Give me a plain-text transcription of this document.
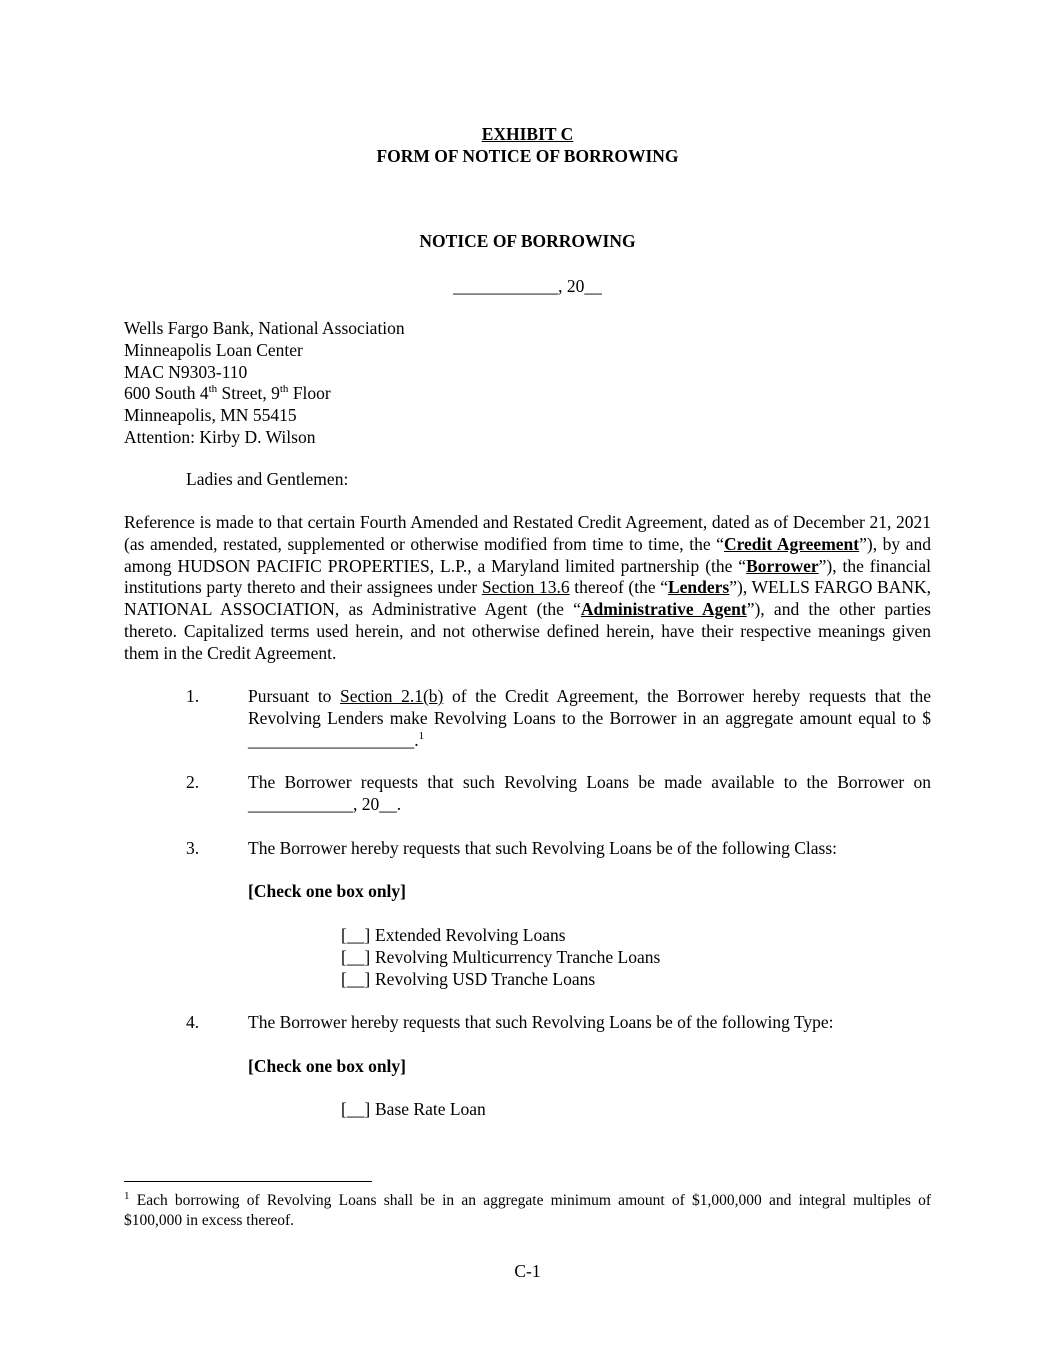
EXHIBIT C
FORM OF NOTICE OF BORROWING
NOTICE OF BORROWING
____________, 20__
Wells Fargo Bank, National Association
Minneapolis Loan Center
MAC N9303-110
600 South 4th Street, 9th Floor
Minneapolis, MN 55415
Attention: Kirby D. Wilson
Ladies and Gentlemen:
Reference is made to that certain Fourth Amended and Restated Credit Agreement, dated as of December 21, 2021 (as amended, restated, supplemented or otherwise modified from time to time, the “Credit Agreement”), by and among HUDSON PACIFIC PROPERTIES, L.P., a Maryland limited partnership (the “Borrower”), the financial institutions party thereto and their assignees under Section 13.6 thereof (the “Lenders”), WELLS FARGO BANK, NATIONAL ASSOCIATION, as Administrative Agent (the “Administrative Agent”), and the other parties thereto. Capitalized terms used herein, and not otherwise defined herein, have their respective meanings given them in the Credit Agreement.
1.	Pursuant to Section 2.1(b) of the Credit Agreement, the Borrower hereby requests that the Revolving Lenders make Revolving Loans to the Borrower in an aggregate amount equal to $ ___________________.$^1$
2.	The Borrower requests that such Revolving Loans be made available to the Borrower on ____________, 20__.
3.	The Borrower hereby requests that such Revolving Loans be of the following Class:
[Check one box only]
[__] Extended Revolving Loans
[__] Revolving Multicurrency Tranche Loans
[__] Revolving USD Tranche Loans
4.	The Borrower hereby requests that such Revolving Loans be of the following Type:
[Check one box only]
[__] Base Rate Loan
$^1$ Each borrowing of Revolving Loans shall be in an aggregate minimum amount of $1,000,000 and integral multiples of $100,000 in excess thereof.
C-1
